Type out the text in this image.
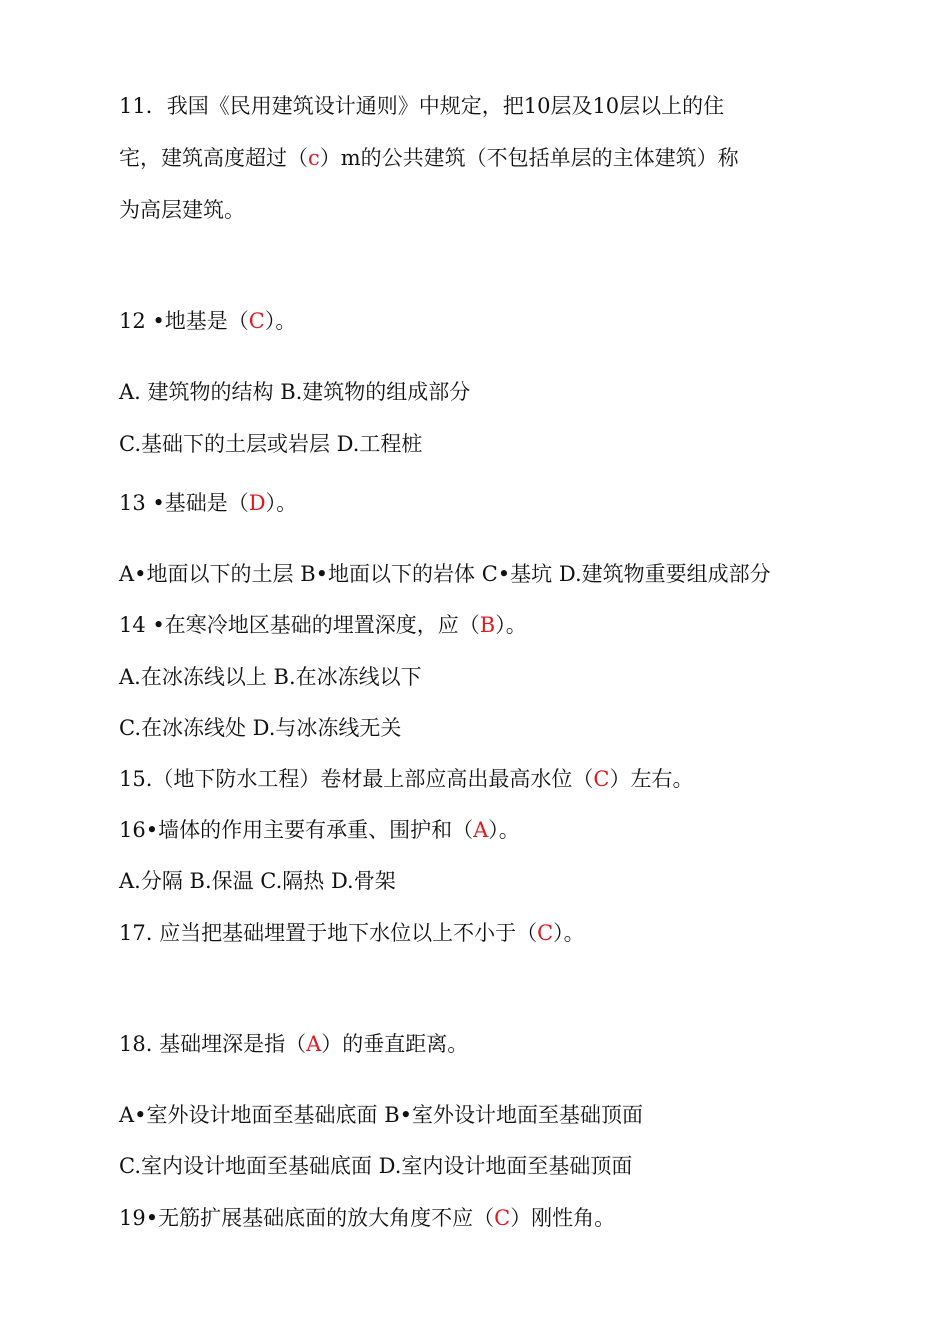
11．我国《民用建筑设计通则》中规定，把10层及10层以上的住

宅，建筑高度超过（c）m的公共建筑（不包括单层的主体建筑）称

为高层建筑。

12 •地基是（C）。

A. 建筑物的结构 B.建筑物的组成部分

C.基础下的土层或岩层 D.工程桩

13 •基础是（D）。

A•地面以下的土层 B•地面以下的岩体 C•基坑 D.建筑物重要组成部分

14 •在寒冷地区基础的埋置深度，应（B）。

A.在冰冻线以上 B.在冰冻线以下

C.在冰冻线处 D.与冰冻线无关

15.（地下防水工程）卷材最上部应高出最高水位（C）左右。

16•墙体的作用主要有承重、围护和（A）。

A.分隔 B.保温 C.隔热 D.骨架

17. 应当把基础埋置于地下水位以上不小于（C）。

18. 基础埋深是指（A）的垂直距离。

A•室外设计地面至基础底面 B•室外设计地面至基础顶面

C.室内设计地面至基础底面 D.室内设计地面至基础顶面

19•无筋扩展基础底面的放大角度不应（C）刚性角。
